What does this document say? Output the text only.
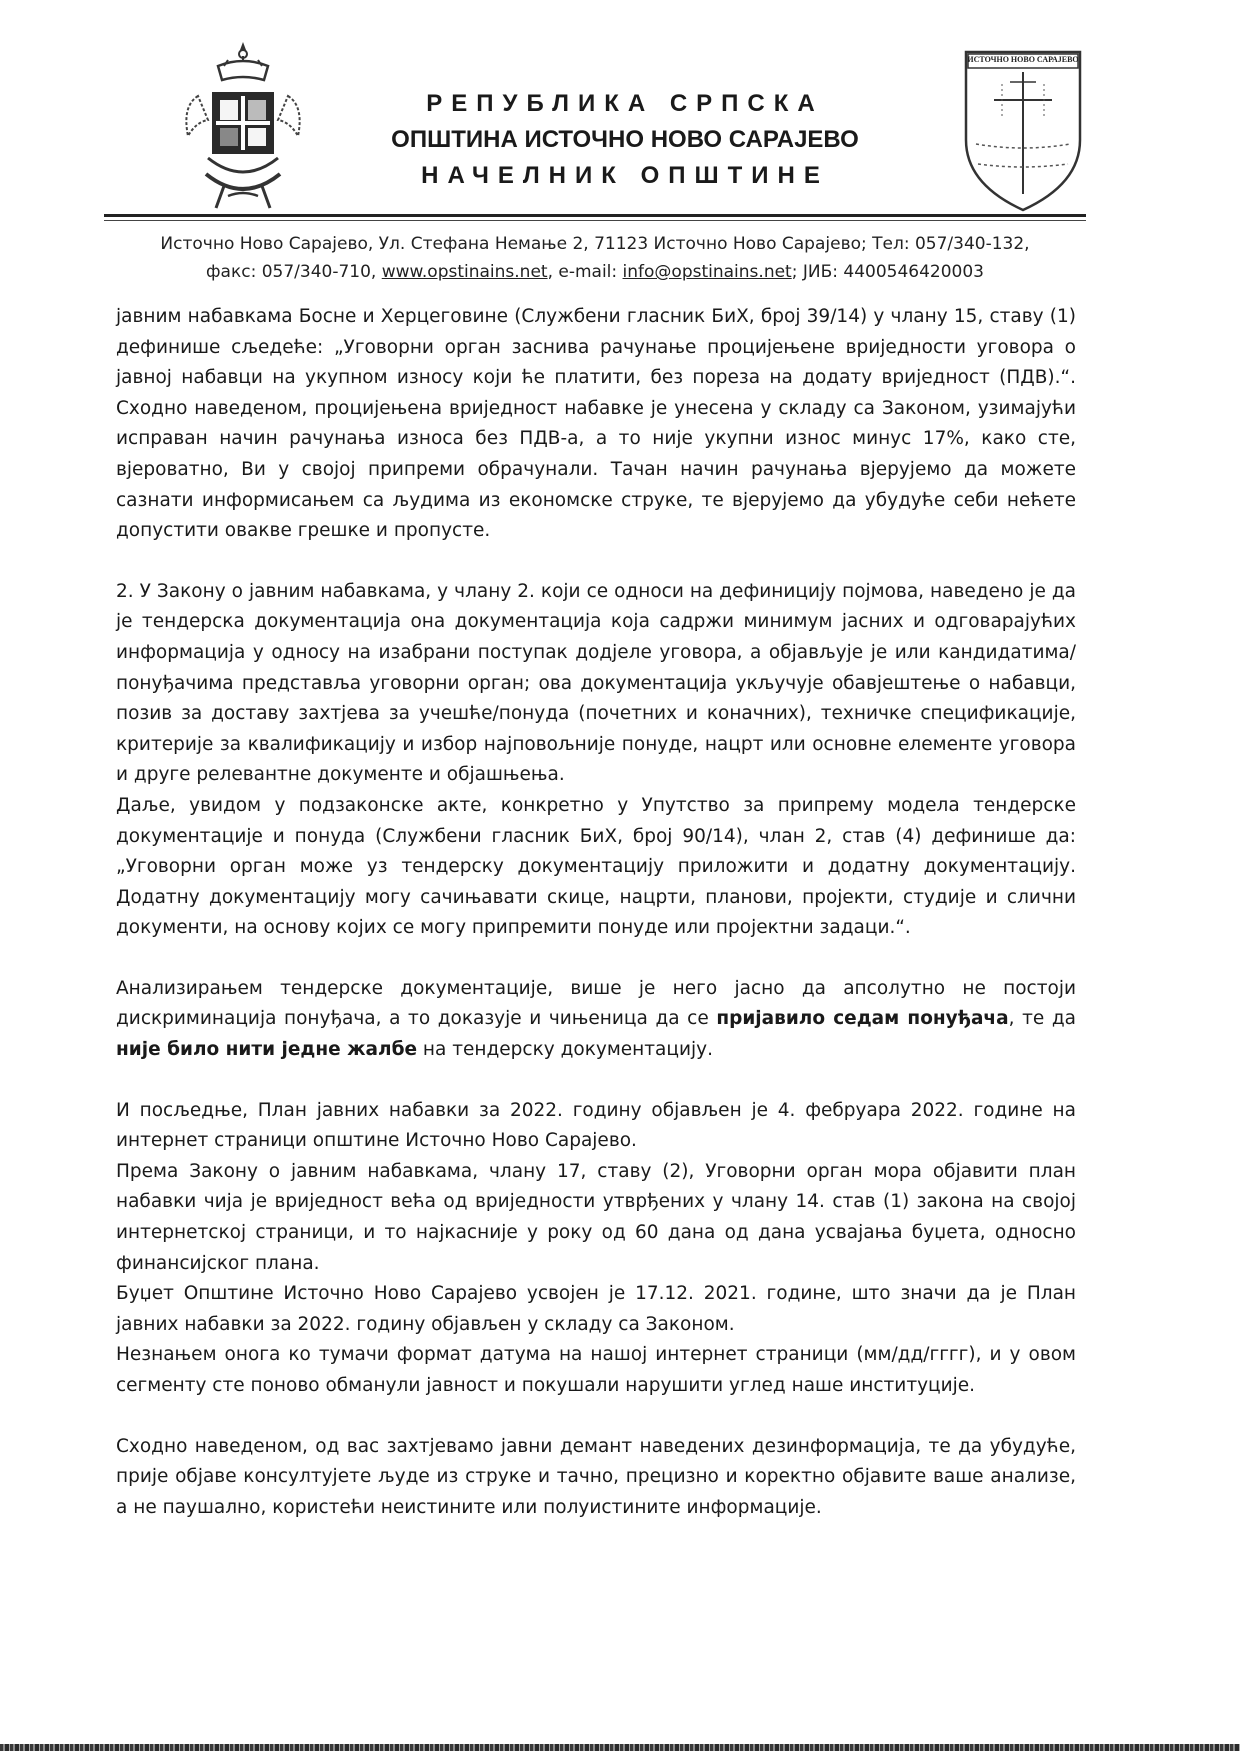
РЕПУБЛИКА СРПСКА
ОПШТИНА ИСТОЧНО НОВО САРАЈЕВО
НАЧЕЛНИК ОПШТИНЕ
ИСТОЧНО НОВО САРАЈЕВО
Источно Ново Сарајево, Ул. Стефана Немање 2, 71123 Источно Ново Сарајево; Тел: 057/340-132,
факс: 057/340-710, www.opstinains.net, e-mail: info@opstinains.net; ЈИБ: 4400546420003

јавним набавкама Босне и Херцеговине (Службени гласник БиХ, број 39/14) у члану 15, ставу (1) дефинише сљедеће: „Уговорни орган заснива рачунање процијењене вриједности уговора о јавној набавци на укупном износу који ће платити, без пореза на додату вриједност (ПДВ).“. Сходно наведеном, процијењена вриједност набавке је унесена у складу са Законом, узимајући исправан начин рачунања износа без ПДВ-а, а то није укупни износ минус 17%, како сте, вјероватно, Ви у својој припреми обрачунали. Тачан начин рачунања вјерујемо да можете сазнати информисањем са људима из економске струке, те вјерујемо да убудуће себи нећете допустити овакве грешке и пропусте.

2. У Закону о јавним набавкама, у члану 2. који се односи на дефиницију појмова, наведено је да је тендерска документација она документација која садржи минимум јасних и одговарајућих информација у односу на изабрани поступак додјеле уговора, а објављује је или кандидатима/понуђачима представља уговорни орган; ова документација укључује обавјештење о набавци, позив за доставу захтјева за учешће/понуда (почетних и коначних), техничке спецификације, критерије за квалификацију и избор најповољније понуде, нацрт или основне елементе уговора и друге релевантне документе и објашњења.

Даље, увидом у подзаконске акте, конкретно у Упутство за припрему модела тендерске документације и понуда (Службени гласник БиХ, број 90/14), члан 2, став (4) дефинише да: „Уговорни орган може уз тендерску документацију приложити и додатну документацију. Додатну документацију могу сачињавати скице, нацрти, планови, пројекти, студије и слични документи, на основу којих се могу припремити понуде или пројектни задаци.“.

Анализирањем тендерске документације, више је него јасно да апсолутно не постоји дискриминација понуђача, а то доказује и чињеница да се пријавило седам понуђача, те да није било нити једне жалбе на тендерску документацију.

И посљедње, План јавних набавки за 2022. годину објављен је 4. фебруара 2022. године на интернет страници општине Источно Ново Сарајево.

Према Закону о јавним набавкама, члану 17, ставу (2), Уговорни орган мора објавити план набавки чија је вриједност већа од вриједности утврђених у члану 14. став (1) закона на својој интернетској страници, и то најкасније у року од 60 дана од дана усвајања буџета, односно финансијског плана.

Буџет Општине Источно Ново Сарајево усвојен је 17.12. 2021. године, што значи да је План јавних набавки за 2022. годину објављен у складу са Законом.

Незнањем онога ко тумачи формат датума на нашој интернет страници (мм/дд/гггг), и у овом сегменту сте поново обманули јавност и покушали нарушити углед наше институције.

Сходно наведеном, од вас захтјевамо јавни демант наведених дезинформација, те да убудуће, прије објаве консултујете људе из струке и тачно, прецизно и коректно објавите ваше анализе, а не паушално, користећи неистините или полуистините информације.
